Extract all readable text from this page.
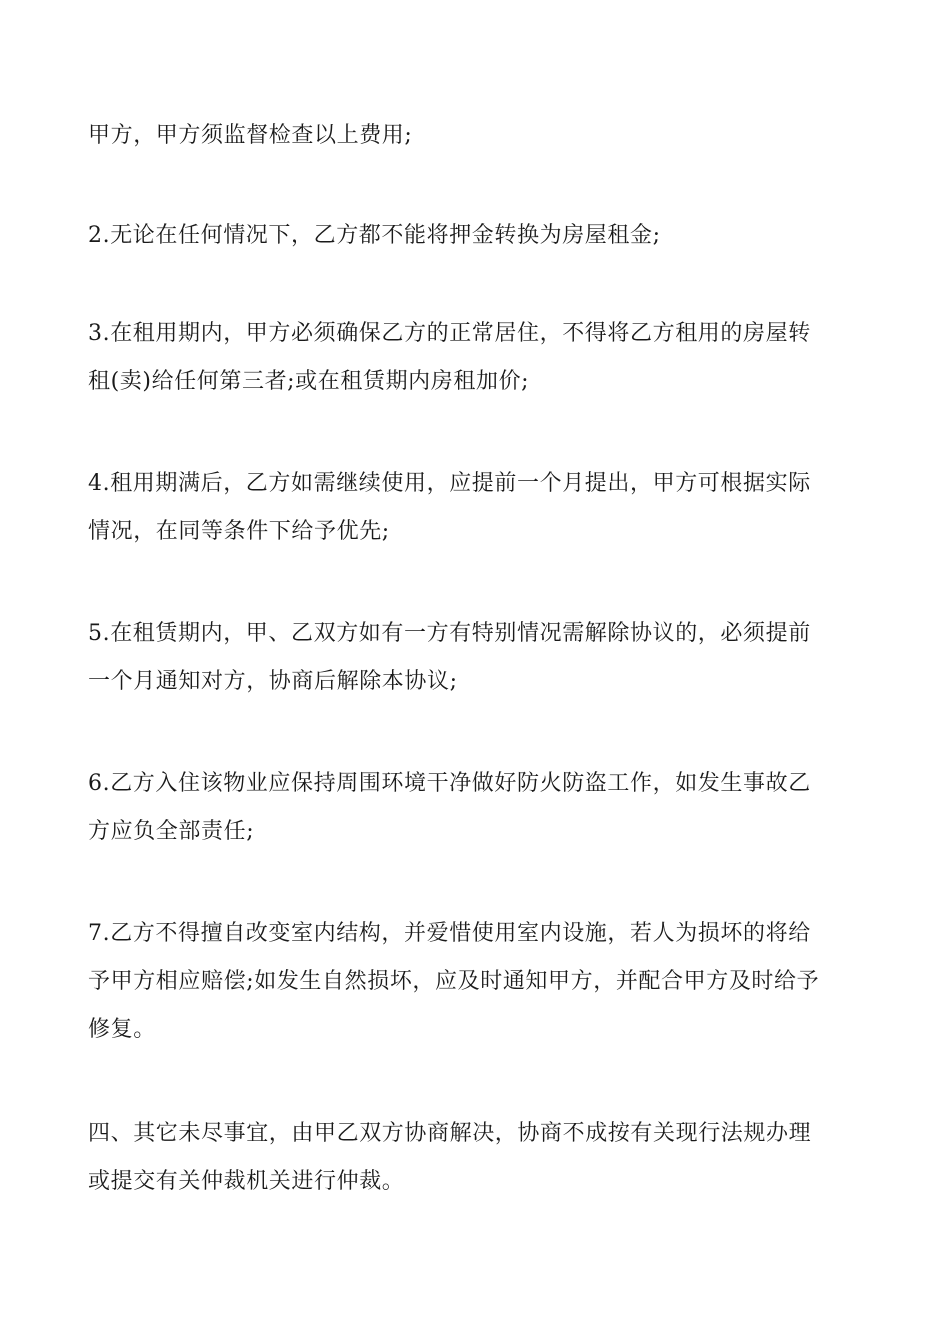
甲方，甲方须监督检查以上费用;

2.无论在任何情况下，乙方都不能将押金转换为房屋租金;

3.在租用期内，甲方必须确保乙方的正常居住，不得将乙方租用的房屋转
租(卖)给任何第三者;或在租赁期内房租加价;

4.租用期满后，乙方如需继续使用，应提前一个月提出，甲方可根据实际
情况，在同等条件下给予优先;

5.在租赁期内，甲、乙双方如有一方有特别情况需解除协议的，必须提前
一个月通知对方，协商后解除本协议;

6.乙方入住该物业应保持周围环境干净做好防火防盗工作，如发生事故乙
方应负全部责任;

7.乙方不得擅自改变室内结构，并爱惜使用室内设施，若人为损坏的将给
予甲方相应赔偿;如发生自然损坏，应及时通知甲方，并配合甲方及时给予
修复。

四、其它未尽事宜，由甲乙双方协商解决，协商不成按有关现行法规办理
或提交有关仲裁机关进行仲裁。
